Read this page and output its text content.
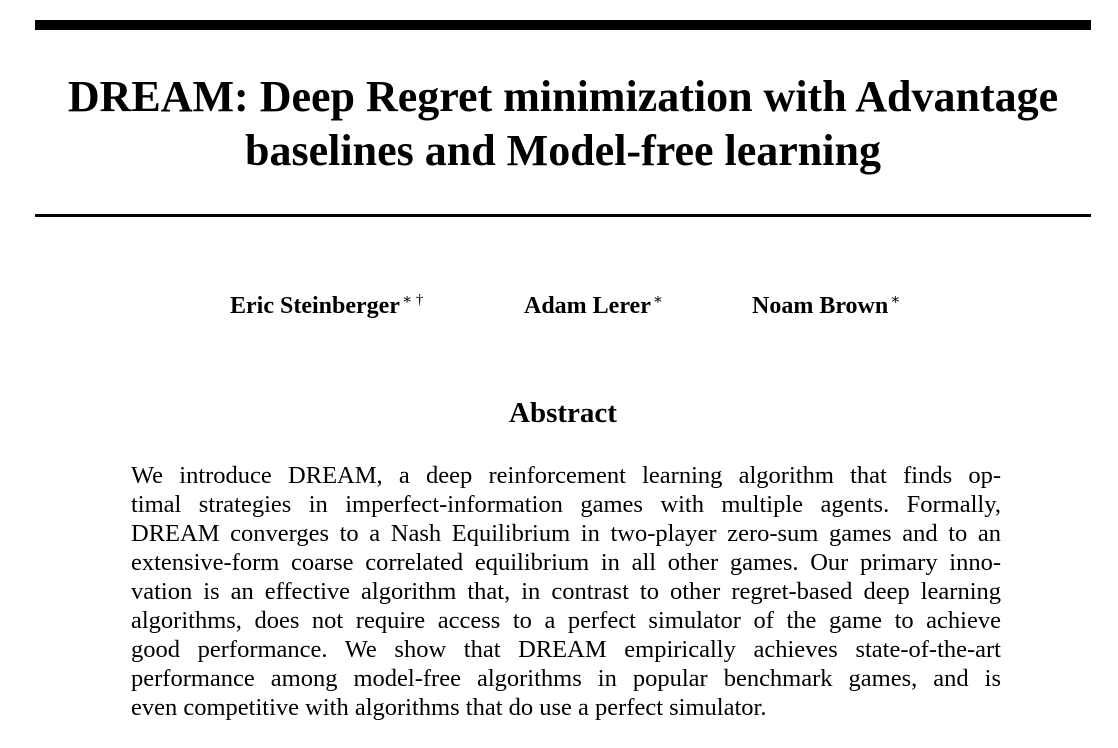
DREAM: Deep Regret minimization with Advantage
baselines and Model-free learning
Eric Steinberger ∗ †	Adam Lerer ∗	Noam Brown ∗
Abstract
We introduce DREAM, a deep reinforcement learning algorithm that finds op-
timal strategies in imperfect-information games with multiple agents. Formally,
DREAM converges to a Nash Equilibrium in two-player zero-sum games and to an
extensive-form coarse correlated equilibrium in all other games. Our primary inno-
vation is an effective algorithm that, in contrast to other regret-based deep learning
algorithms, does not require access to a perfect simulator of the game to achieve
good performance. We show that DREAM empirically achieves state-of-the-art
performance among model-free algorithms in popular benchmark games, and is
even competitive with algorithms that do use a perfect simulator.
